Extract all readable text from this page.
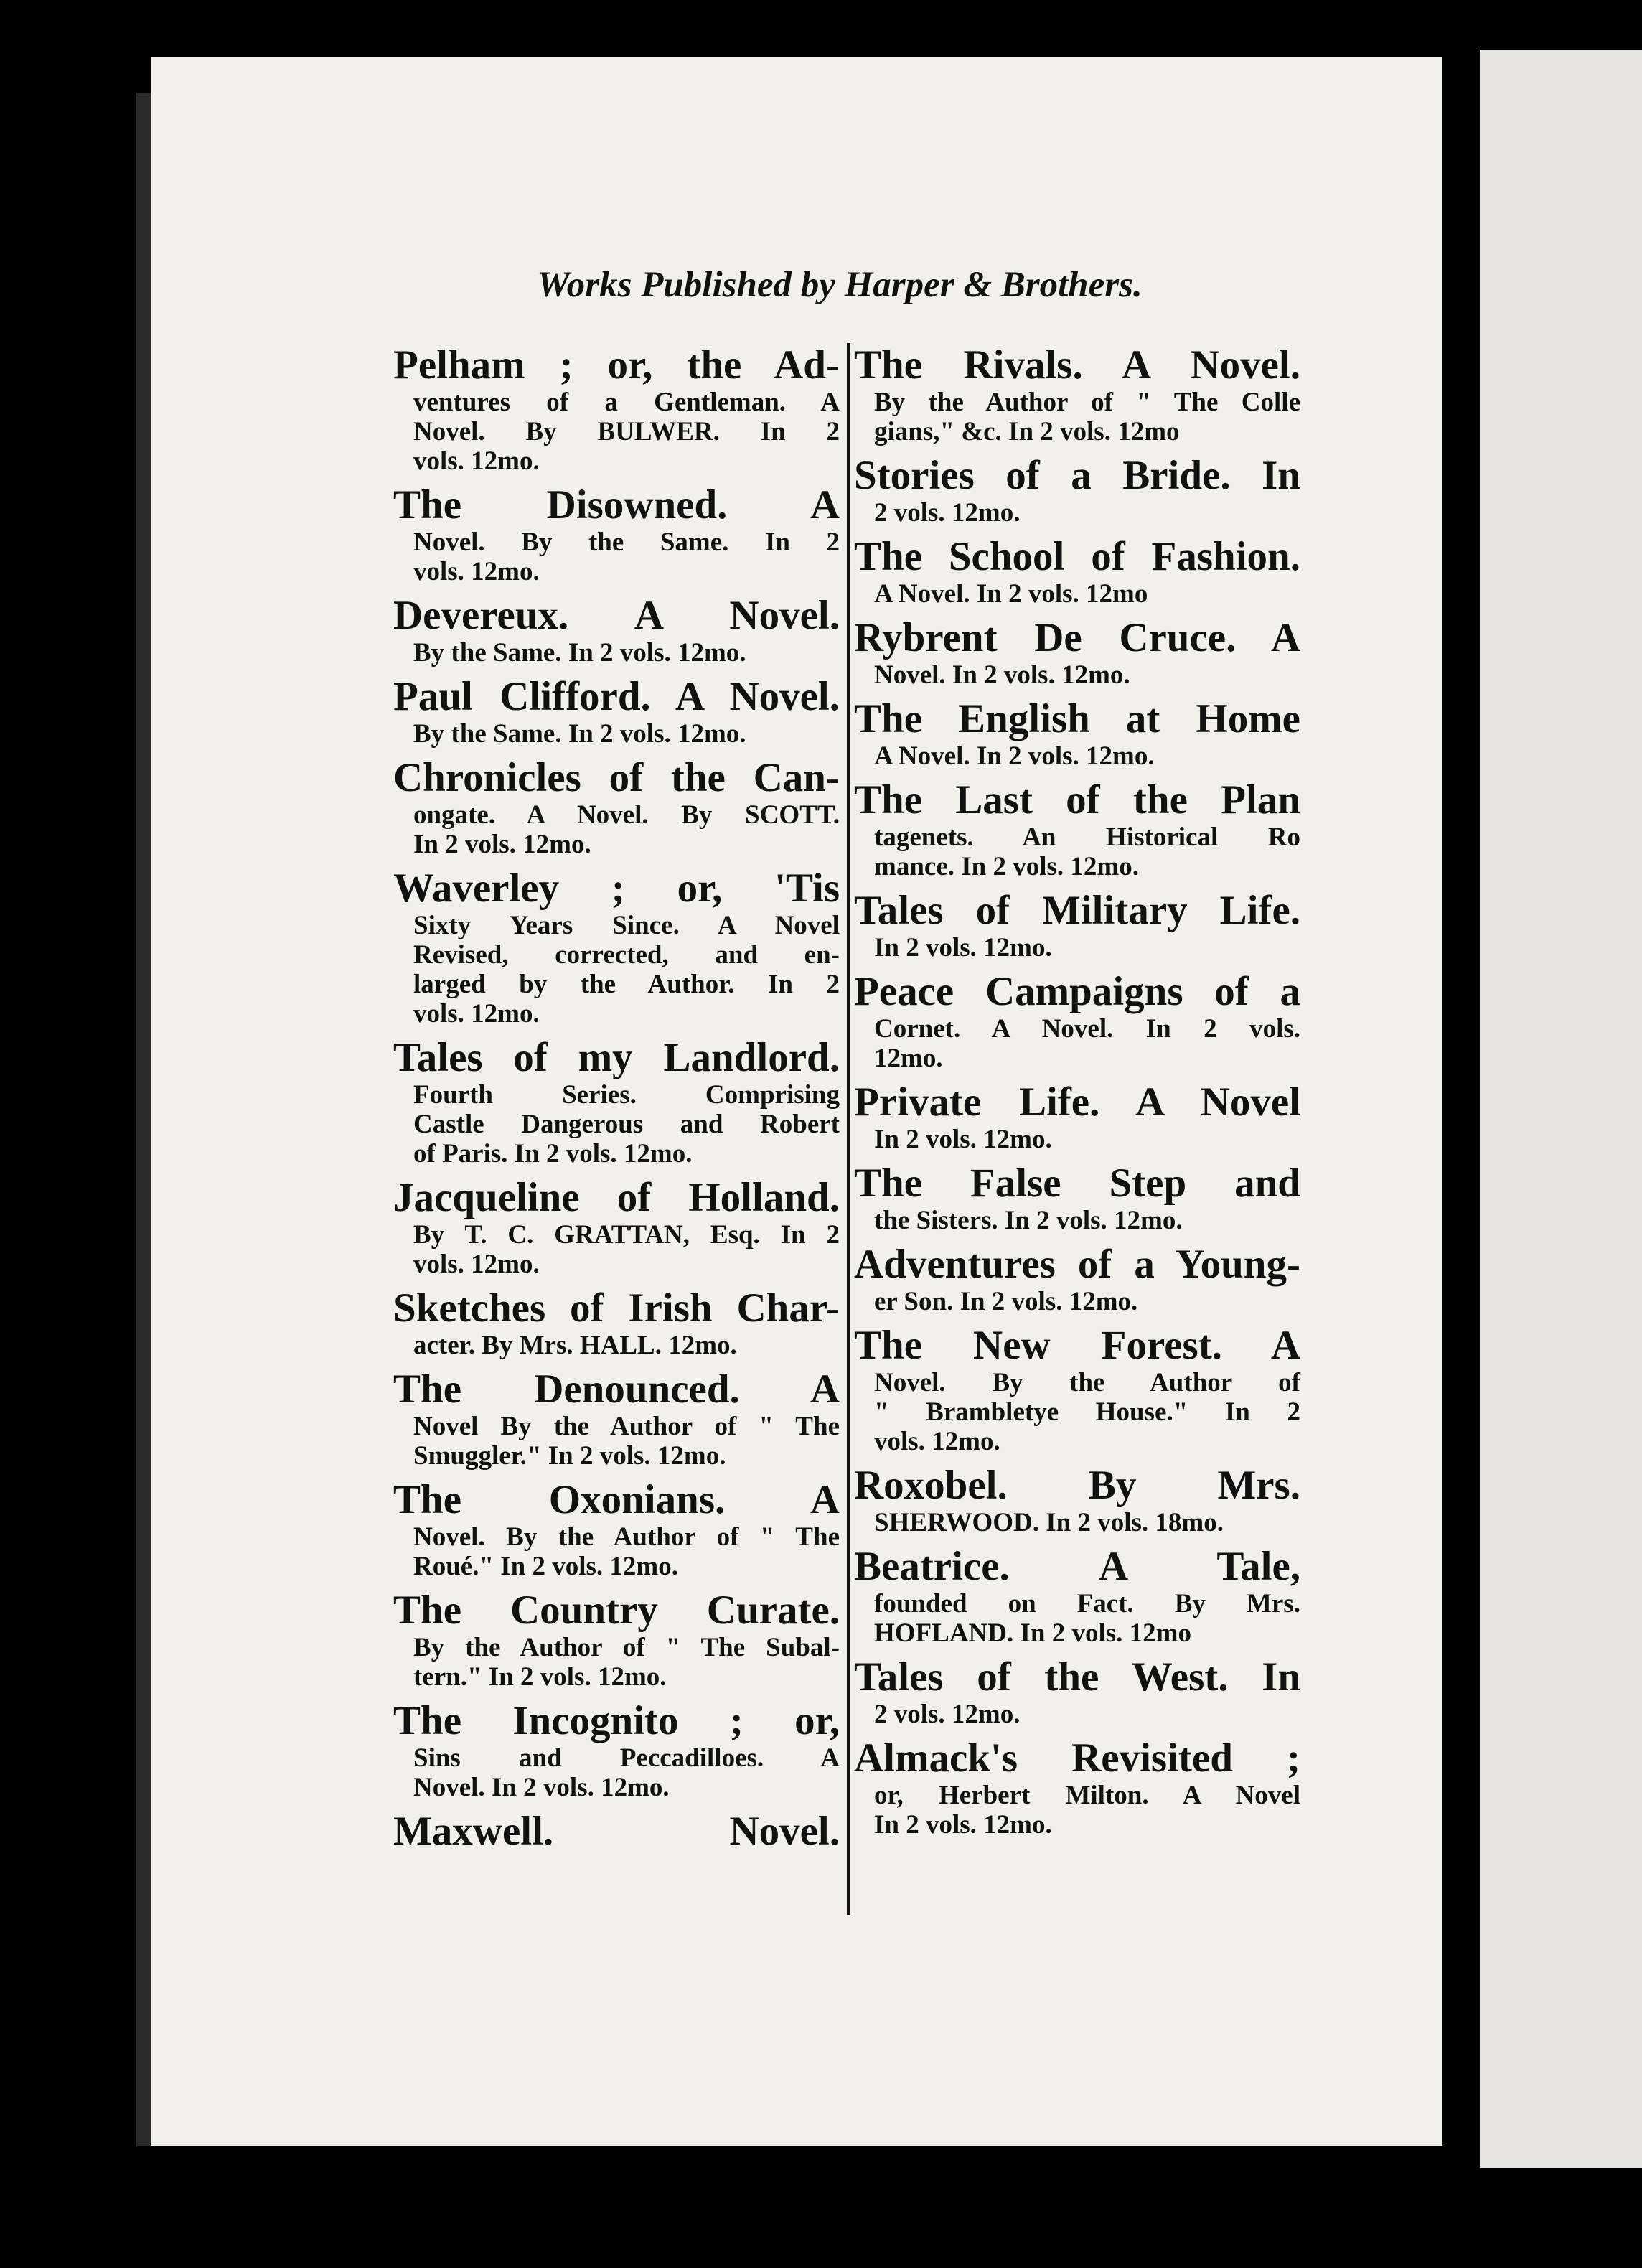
Works Published by Harper & Brothers.
Pelham ; or, the Ad-
ventures of a Gentleman. A
Novel. By BULWER. In 2
vols. 12mo.
The Disowned. A
Novel. By the Same. In 2
vols. 12mo.
Devereux. A Novel.
By the Same. In 2 vols. 12mo.
Paul Clifford. A Novel.
By the Same. In 2 vols. 12mo.
Chronicles of the Can-
ongate. A Novel. By SCOTT.
In 2 vols. 12mo.
Waverley ; or, 'Tis
Sixty Years Since. A Novel
Revised, corrected, and en-
larged by the Author. In 2
vols. 12mo.
Tales of my Landlord.
Fourth Series. Comprising
Castle Dangerous and Robert
of Paris. In 2 vols. 12mo.
Jacqueline of Holland.
By T. C. GRATTAN, Esq. In 2
vols. 12mo.
Sketches of Irish Char-
acter. By Mrs. HALL. 12mo.
The Denounced. A
Novel By the Author of " The
Smuggler." In 2 vols. 12mo.
The Oxonians. A
Novel. By the Author of " The
Roué." In 2 vols. 12mo.
The Country Curate.
By the Author of " The Subal-
tern." In 2 vols. 12mo.
The Incognito ; or,
Sins and Peccadilloes. A
Novel. In 2 vols. 12mo.
Maxwell. Novel.
The Rivals. A Novel.
By the Author of " The Colle
gians," &c. In 2 vols. 12mo
Stories of a Bride. In
2 vols. 12mo.
The School of Fashion.
A Novel. In 2 vols. 12mo
Rybrent De Cruce. A
Novel. In 2 vols. 12mo.
The English at Home
A Novel. In 2 vols. 12mo.
The Last of the Plan
tagenets. An Historical Ro
mance. In 2 vols. 12mo.
Tales of Military Life.
In 2 vols. 12mo.
Peace Campaigns of a
Cornet. A Novel. In 2 vols.
12mo.
Private Life. A Novel
In 2 vols. 12mo.
The False Step and
the Sisters. In 2 vols. 12mo.
Adventures of a Young-
er Son. In 2 vols. 12mo.
The New Forest. A
Novel. By the Author of
" Brambletye House." In 2
vols. 12mo.
Roxobel. By Mrs.
SHERWOOD. In 2 vols. 18mo.
Beatrice. A Tale,
founded on Fact. By Mrs.
HOFLAND. In 2 vols. 12mo
Tales of the West. In
2 vols. 12mo.
Almack's Revisited ;
or, Herbert Milton. A Novel
In 2 vols. 12mo.
